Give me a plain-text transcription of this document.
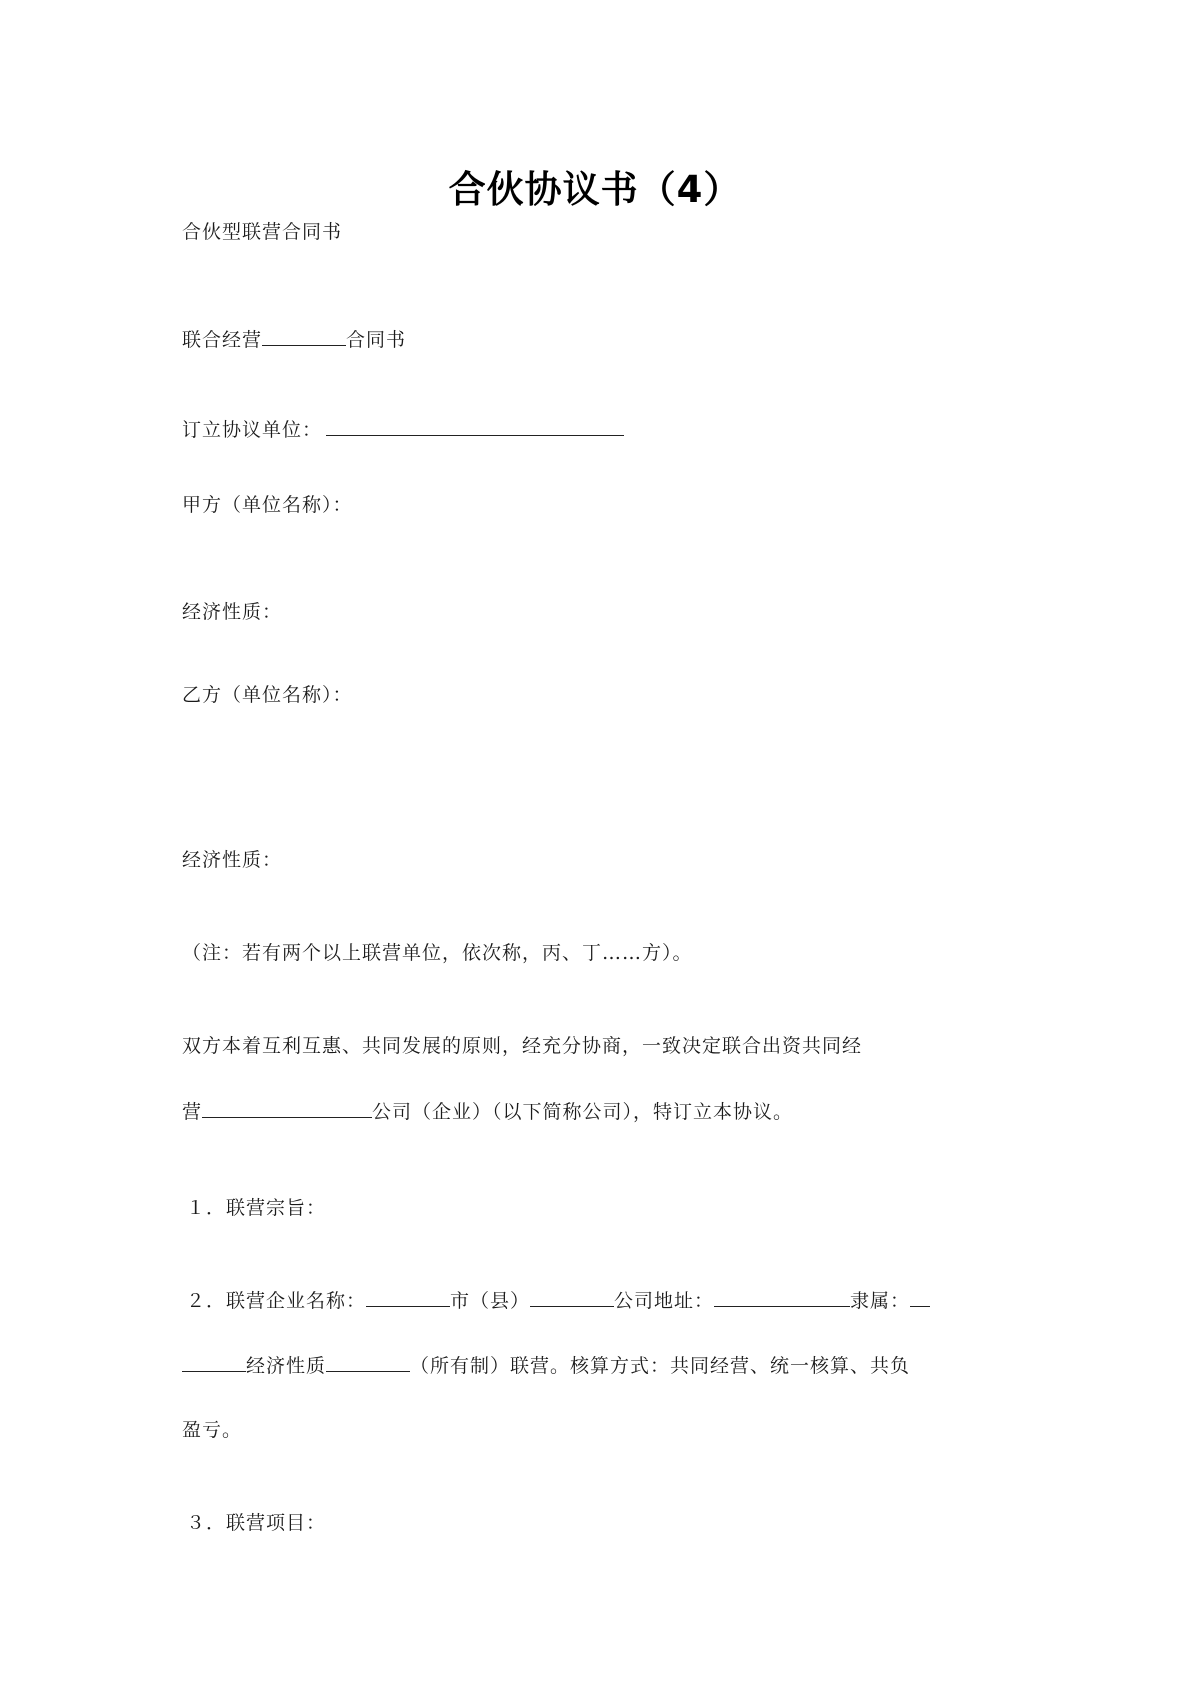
合伙协议书（4）
合伙型联营合同书
联合经营	合同书
订立协议单位：
甲方（单位名称）：
经济性质：
乙方（单位名称）：
经济性质：
（注：若有两个以上联营单位，依次称，丙、丁……方）。
双方本着互利互惠、共同发展的原则，经充分协商，一致决定联合出资共同经
营	公司（企业）（以下简称公司），特订立本协议。
１．联营宗旨：
２．联营企业名称：	市（县）	公司地址：	隶属：
经济性质	（所有制）联营。核算方式：共同经营、统一核算、共负
盈亏。
３．联营项目：
